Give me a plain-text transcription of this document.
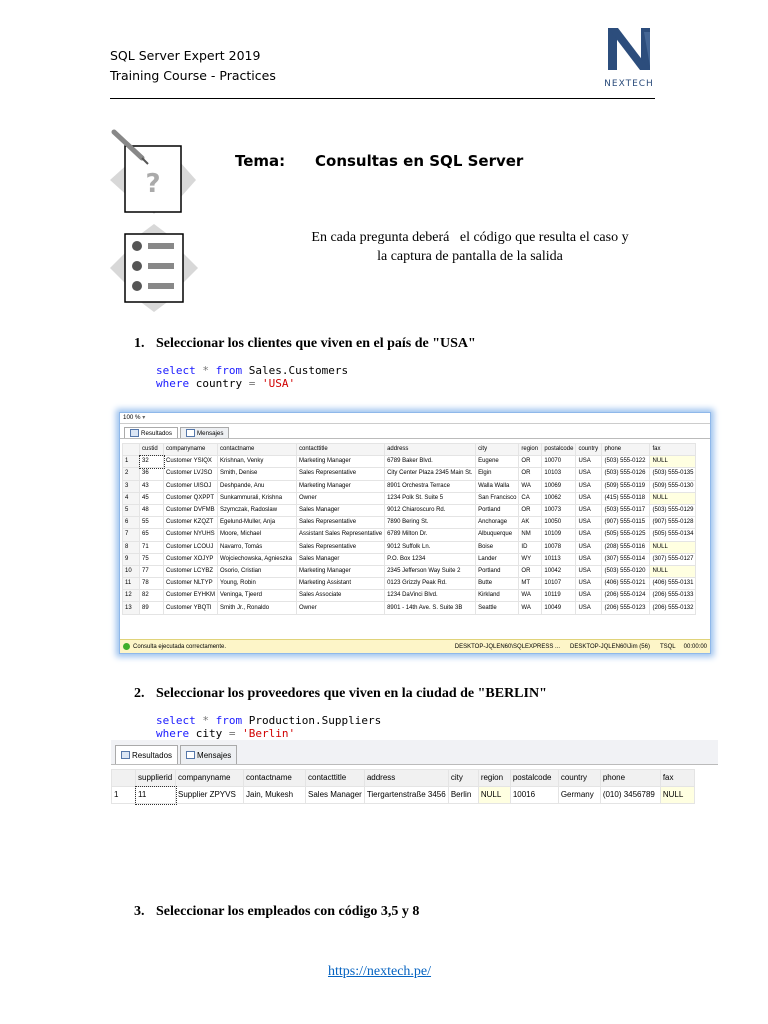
SQL Server Expert 2019
Training Course - Practices
NEXTECH
?
Tema: Consultas en SQL Server
En cada pregunta deberá   el código que resulta el caso y
la captura de pantalla de la salida
1. Seleccionar los clientes que viven en el país de "USA"
select * from Sales.Customers
where country = 'USA'
100 % ▾
Resultados	Mensajes
	custid	companyname	contactname	contacttitle	address	city	region	postalcode	country	phone	fax
1	32	Customer YSIQX	Krishnan, Venky	Marketing Manager	6789 Baker Blvd.	Eugene	OR	10070	USA	(503) 555-0122	NULL
2	36	Customer LVJSO	Smith, Denise	Sales Representative	City Center Plaza 2345 Main St.	Elgin	OR	10103	USA	(503) 555-0126	(503) 555-0135
3	43	Customer UISOJ	Deshpande, Anu	Marketing Manager	8901 Orchestra Terrace	Walla Walla	WA	10069	USA	(509) 555-0119	(509) 555-0130
4	45	Customer QXPPT	Sunkammurali, Krishna	Owner	1234 Polk St. Suite 5	San Francisco	CA	10062	USA	(415) 555-0118	NULL
5	48	Customer DVFMB	Szymczak, Radoslaw	Sales Manager	9012 Chiaroscuro Rd.	Portland	OR	10073	USA	(503) 555-0117	(503) 555-0129
6	55	Customer KZQZT	Egelund-Muller, Anja	Sales Representative	7890 Bering St.	Anchorage	AK	10050	USA	(907) 555-0115	(907) 555-0128
7	65	Customer NYUHS	Moore, Michael	Assistant Sales Representative	6789 Milton Dr.	Albuquerque	NM	10109	USA	(505) 555-0125	(505) 555-0134
8	71	Customer LCOUJ	Navarro, Tomás	Sales Representative	9012 Suffolk Ln.	Boise	ID	10078	USA	(208) 555-0116	NULL
9	75	Customer XOJYP	Wojciechowska, Agnieszka	Sales Manager	P.O. Box 1234	Lander	WY	10113	USA	(307) 555-0114	(307) 555-0127
10	77	Customer LCYBZ	Osorio, Cristian	Marketing Manager	2345 Jefferson Way Suite 2	Portland	OR	10042	USA	(503) 555-0120	NULL
11	78	Customer NLTYP	Young, Robin	Marketing Assistant	0123 Grizzly Peak Rd.	Butte	MT	10107	USA	(406) 555-0121	(406) 555-0131
12	82	Customer EYHKM	Veninga, Tjeerd	Sales Associate	1234 DaVinci Blvd.	Kirkland	WA	10119	USA	(206) 555-0124	(206) 555-0133
13	89	Customer YBQTI	Smith Jr., Ronaldo	Owner	8901 - 14th Ave. S. Suite 3B	Seattle	WA	10049	USA	(206) 555-0123	(206) 555-0132
Consulta ejecutada correctamente.	DESKTOP-JQLEN60\SQLEXPRESS ... DESKTOP-JQLEN60\Jim (56) TSQL 00:00:00
2. Seleccionar los proveedores que viven en la ciudad de "BERLIN"
select * from Production.Suppliers
where city = 'Berlin'
Resultados	Mensajes
	supplierid	companyname	contactname	contacttitle	address	city	region	postalcode	country	phone	fax
1	11	Supplier ZPYVS	Jain, Mukesh	Sales Manager	Tiergartenstraße 3456	Berlin	NULL	10016	Germany	(010) 3456789	NULL
3. Seleccionar los empleados con código 3,5 y 8
https://nextech.pe/
